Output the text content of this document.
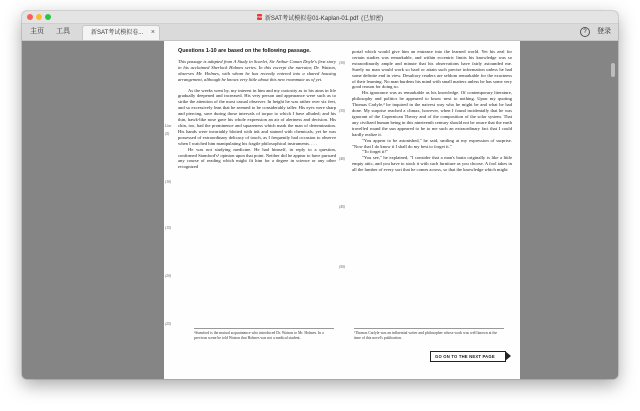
PDF 新SAT考试模拟卷01-Kaplan-01.pdf (已加密)
主页 工具	新SAT考试模拟卷... ×	?	登录
Questions 1-10 are based on the following passage.
This passage is adapted from A Study in Scarlet, Sir Arthur Conan Doyle's first story in his acclaimed Sherlock Holmes series. In this excerpt the narrator, Dr. Watson, observes Mr. Holmes, with whom he has recently entered into a shared housing arrangement, although he knows very little about this new roommate as of yet.
Line
(5)
(10)
(15)
(20)
(25)

As the weeks went by, my interest in him and my curiosity as to his aims in life gradually deepened and increased. His very person and appearance were such as to strike the attention of the most casual observer. In height he was rather over six feet, and so excessively lean that he seemed to be considerably taller. His eyes were sharp and piercing, save during those intervals of torpor to which I have alluded; and his thin, hawk-like nose gave his whole expression an air of alertness and decision. His chin, too, had the prominence and squareness which mark the man of determination. His hands were invariably blotted with ink and stained with chemicals, yet he was possessed of extraordinary delicacy of touch, as I frequently had occasion to observe when I watched him manipulating his fragile philosophical instruments. . . .

He was not studying medicine. He had himself, in reply to a question, confirmed Stamford's¹ opinion upon that point. Neither did he appear to have pursued any course of reading which might fit him for a degree in science or any other recognized

(30)
(35)
(40)
(45)
(50)

portal which would give him an entrance into the learned world. Yet his zeal for certain studies was remarkable, and within eccentric limits his knowledge was so extraordinarily ample and minute that his observations have fairly astounded me. Surely no man would work so hard or attain such precise information unless he had some definite end in view. Desultory readers are seldom remarkable for the exactness of their learning. No man burdens his mind with small matters unless he has some very good reason for doing so.

His ignorance was as remarkable as his knowledge. Of contemporary literature, philosophy and politics he appeared to know next to nothing. Upon my quoting Thomas Carlyle,² he inquired in the naivest way who he might be and what he had done. My surprise reached a climax, however, when I found incidentally that he was ignorant of the Copernican Theory and of the composition of the solar system. That any civilized human being in this nineteenth century should not be aware that the earth travelled round the sun appeared to be to me such an extraordinary fact that I could hardly realize it.

"You appear to be astonished," he said, smiling at my expression of surprise. "Now that I do know it I shall do my best to forget it."

"To forget it!"

"You see," he explained, "I consider that a man's brain originally is like a little empty attic, and you have to stock it with such furniture as you choose. A fool takes in all the lumber of every sort that he comes across, so that the knowledge which might

¹Stamford is the mutual acquaintance who introduced Dr. Watson to Mr. Holmes. In a previous scene he told Watson that Holmes was not a medical student.
²Thomas Carlyle was an influential writer and philosopher whose work was well known at the time of this novel's publication.
GO ON TO THE NEXT PAGE
